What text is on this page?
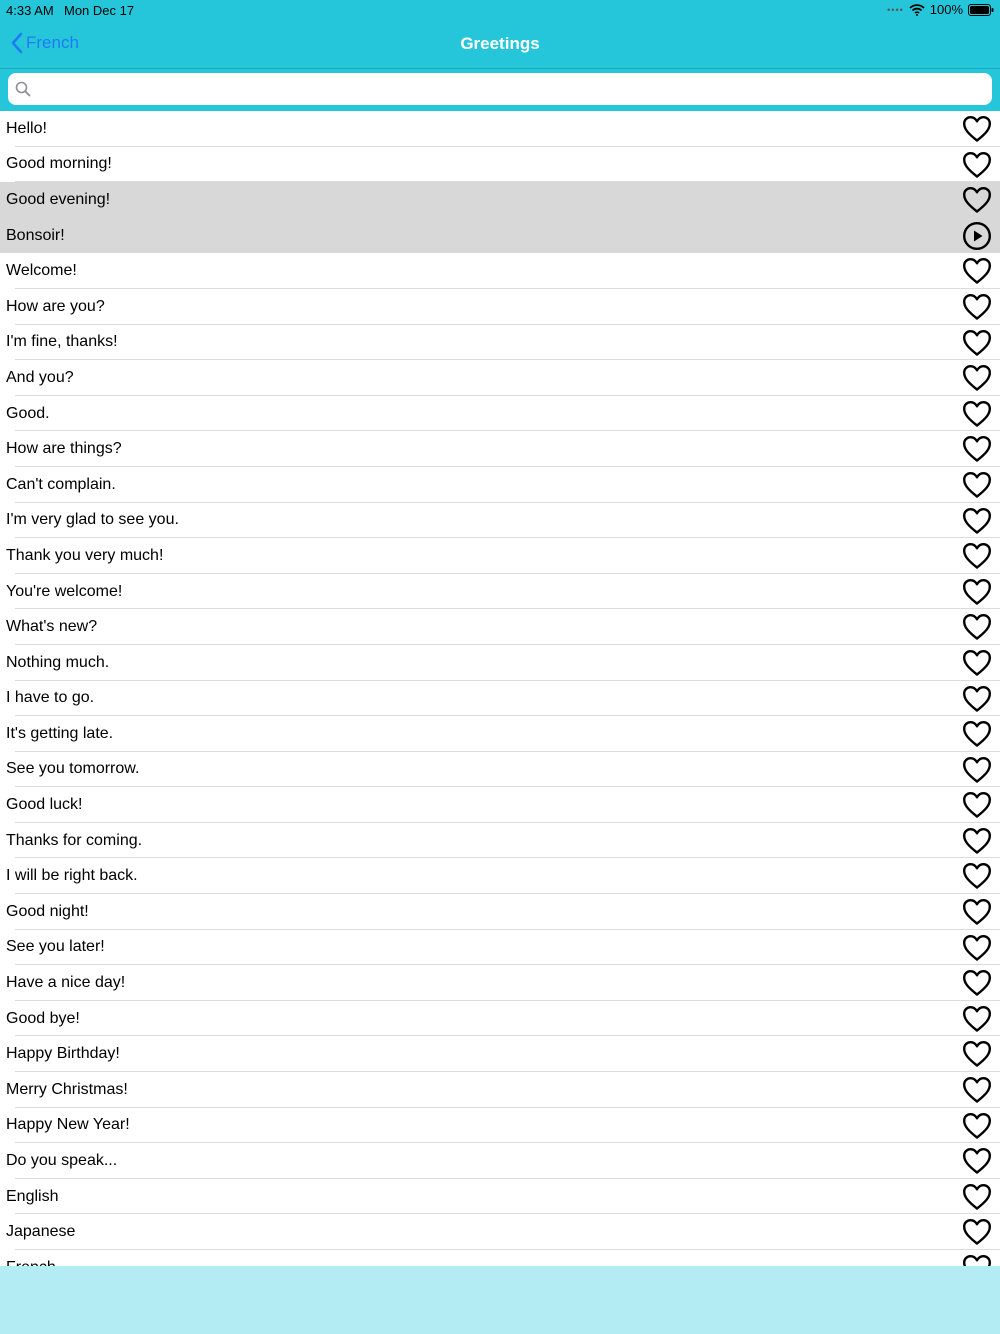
4:33 AM Mon Dec 17	•••• 100%
French	Greetings
Hello!
Good morning!
Good evening!
Bonsoir!
Welcome!
How are you?
I'm fine, thanks!
And you?
Good.
How are things?
Can't complain.
I'm very glad to see you.
Thank you very much!
You're welcome!
What's new?
Nothing much.
I have to go.
It's getting late.
See you tomorrow.
Good luck!
Thanks for coming.
I will be right back.
Good night!
See you later!
Have a nice day!
Good bye!
Happy Birthday!
Merry Christmas!
Happy New Year!
Do you speak...
English
Japanese
